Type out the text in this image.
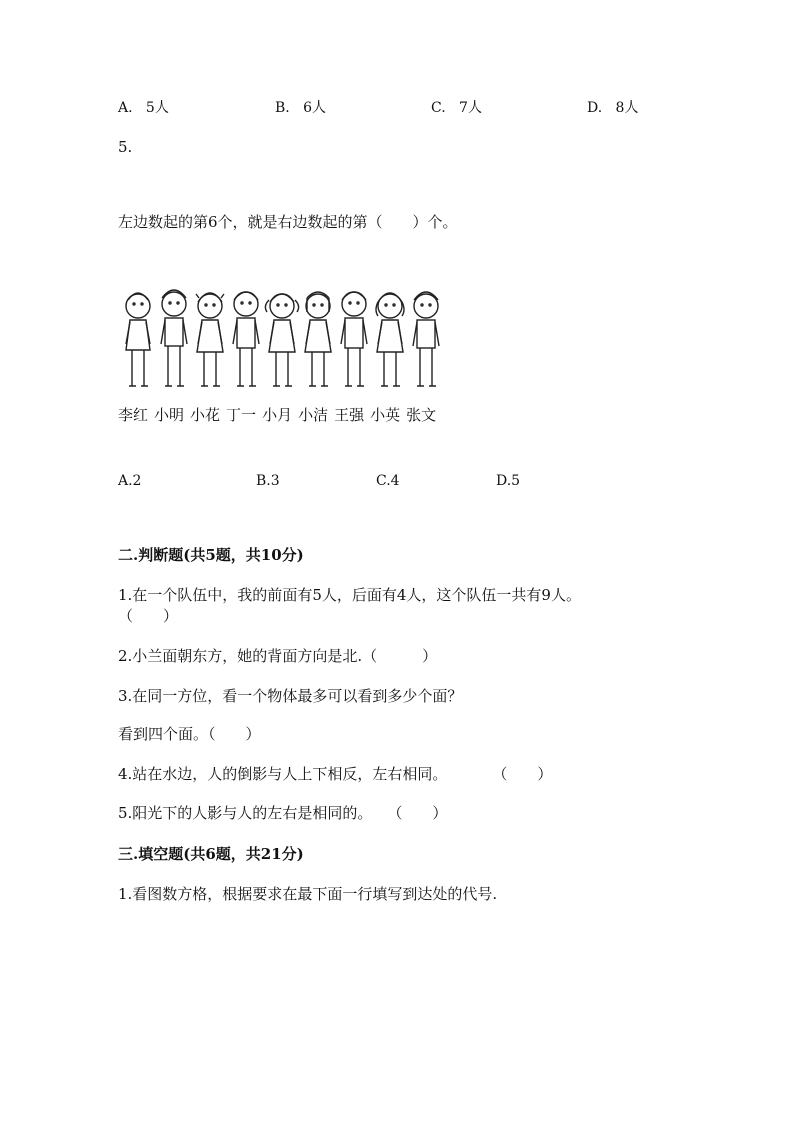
A. 5人	B. 6人	C. 7人	D. 8人
5.
左边数起的第6个，就是右边数起的第（　　）个。
李红 小明 小花 丁一 小月 小洁 王强 小英 张文
A.2	B.3	C.4	D.5
二.判断题(共5题，共10分)
1.在一个队伍中，我的前面有5人，后面有4人，这个队伍一共有9人。
（　　）
2.小兰面朝东方，她的背面方向是北.（　　　）
3.在同一方位，看一个物体最多可以看到多少个面？
看到四个面。（　　）
4.站在水边，人的倒影与人上下相反，左右相同。　　　　（　　）
5.阳光下的人影与人的左右是相同的。　　（　　）
三.填空题(共6题，共21分)
1.看图数方格，根据要求在最下面一行填写到达处的代号.
